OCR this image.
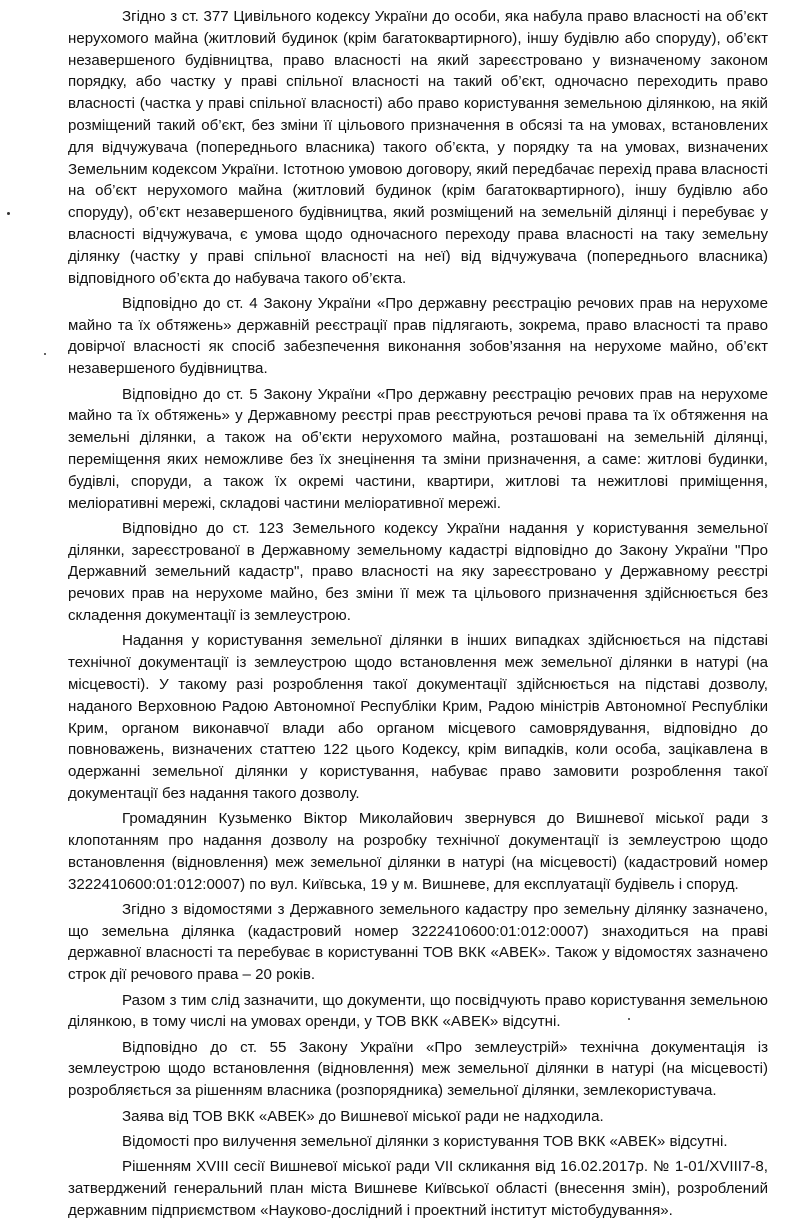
Згідно з ст. 377 Цивільного кодексу України до особи, яка набула право власності на об’єкт нерухомого майна (житловий будинок (крім багатоквартирного), іншу будівлю або споруду), об’єкт незавершеного будівництва, право власності на який зареєстровано у визначеному законом порядку, або частку у праві спільної власності на такий об’єкт, одночасно переходить право власності (частка у праві спільної власності) або право користування земельною ділянкою, на якій розміщений такий об’єкт, без зміни її цільового призначення в обсязі та на умовах, встановлених для відчужувача (попереднього власника) такого об’єкта, у порядку та на умовах, визначених Земельним кодексом України. Істотною умовою договору, який передбачає перехід права власності на об’єкт нерухомого майна (житловий будинок (крім багатоквартирного), іншу будівлю або споруду), об’єкт незавершеного будівництва, який розміщений на земельній ділянці і перебуває у власності відчужувача, є умова щодо одночасного переходу права власності на таку земельну ділянку (частку у праві спільної власності на неї) від відчужувача (попереднього власника) відповідного об’єкта до набувача такого об’єкта.

Відповідно до ст. 4 Закону України «Про державну реєстрацію речових прав на нерухоме майно та їх обтяжень» державній реєстрації прав підлягають, зокрема, право власності та право довірчої власності як спосіб забезпечення виконання зобов’язання на нерухоме майно, об’єкт незавершеного будівництва.

Відповідно до ст. 5 Закону України «Про державну реєстрацію речових прав на нерухоме майно та їх обтяжень» у Державному реєстрі прав реєструються речові права та їх обтяження на земельні ділянки, а також на об’єкти нерухомого майна, розташовані на земельній ділянці, переміщення яких неможливе без їх знецінення та зміни призначення, а саме: житлові будинки, будівлі, споруди, а також їх окремі частини, квартири, житлові та нежитлові приміщення, меліоративні мережі, складові частини меліоративної мережі.

Відповідно до ст. 123 Земельного кодексу України надання у користування земельної ділянки, зареєстрованої в Державному земельному кадастрі відповідно до Закону України "Про Державний земельний кадастр", право власності на яку зареєстровано у Державному реєстрі речових прав на нерухоме майно, без зміни її меж та цільового призначення здійснюється без складення документації із землеустрою.

Надання у користування земельної ділянки в інших випадках здійснюється на підставі технічної документації із землеустрою щодо встановлення меж земельної ділянки в натурі (на місцевості). У такому разі розроблення такої документації здійснюється на підставі дозволу, наданого Верховною Радою Автономної Республіки Крим, Радою міністрів Автономної Республіки Крим, органом виконавчої влади або органом місцевого самоврядування, відповідно до повноважень, визначених статтею 122 цього Кодексу, крім випадків, коли особа, зацікавлена в одержанні земельної ділянки у користування, набуває право замовити розроблення такої документації без надання такого дозволу.

Громадянин Кузьменко Віктор Миколайович звернувся до Вишневої міської ради з клопотанням про надання дозволу на розробку технічної документації із землеустрою щодо встановлення (відновлення) меж земельної ділянки в натурі (на місцевості) (кадастровий номер 3222410600:01:012:0007) по вул. Київська, 19 у м. Вишневе, для експлуатації будівель і споруд.

Згідно з відомостями з Державного земельного кадастру про земельну ділянку зазначено, що земельна ділянка (кадастровий номер 3222410600:01:012:0007) знаходиться на праві державної власності та перебуває в користуванні ТОВ ВКК «АВЕК». Також у відомостях зазначено строк дії речового права – 20 років.

Разом з тим слід зазначити, що документи, що посвідчують право користування земельною ділянкою, в тому числі на умовах оренди, у ТОВ ВКК «АВЕК» відсутні.

Відповідно до ст. 55 Закону України «Про землеустрій» технічна документація із землеустрою щодо встановлення (відновлення) меж земельної ділянки в натурі (на місцевості) розробляється за рішенням власника (розпорядника) земельної ділянки, землекористувача.

Заява від ТОВ ВКК «АВЕК» до Вишневої міської ради не надходила.

Відомості про вилучення земельної ділянки з користування ТОВ ВКК «АВЕК» відсутні.

Рішенням XVIII сесії Вишневої міської ради VII скликання від 16.02.2017р. № 1-01/XVIII7-8, затверджений генеральний план міста Вишневе Київської області (внесення змін), розроблений державним підприємством «Науково-дослідний і проектний інститут містобудування».
